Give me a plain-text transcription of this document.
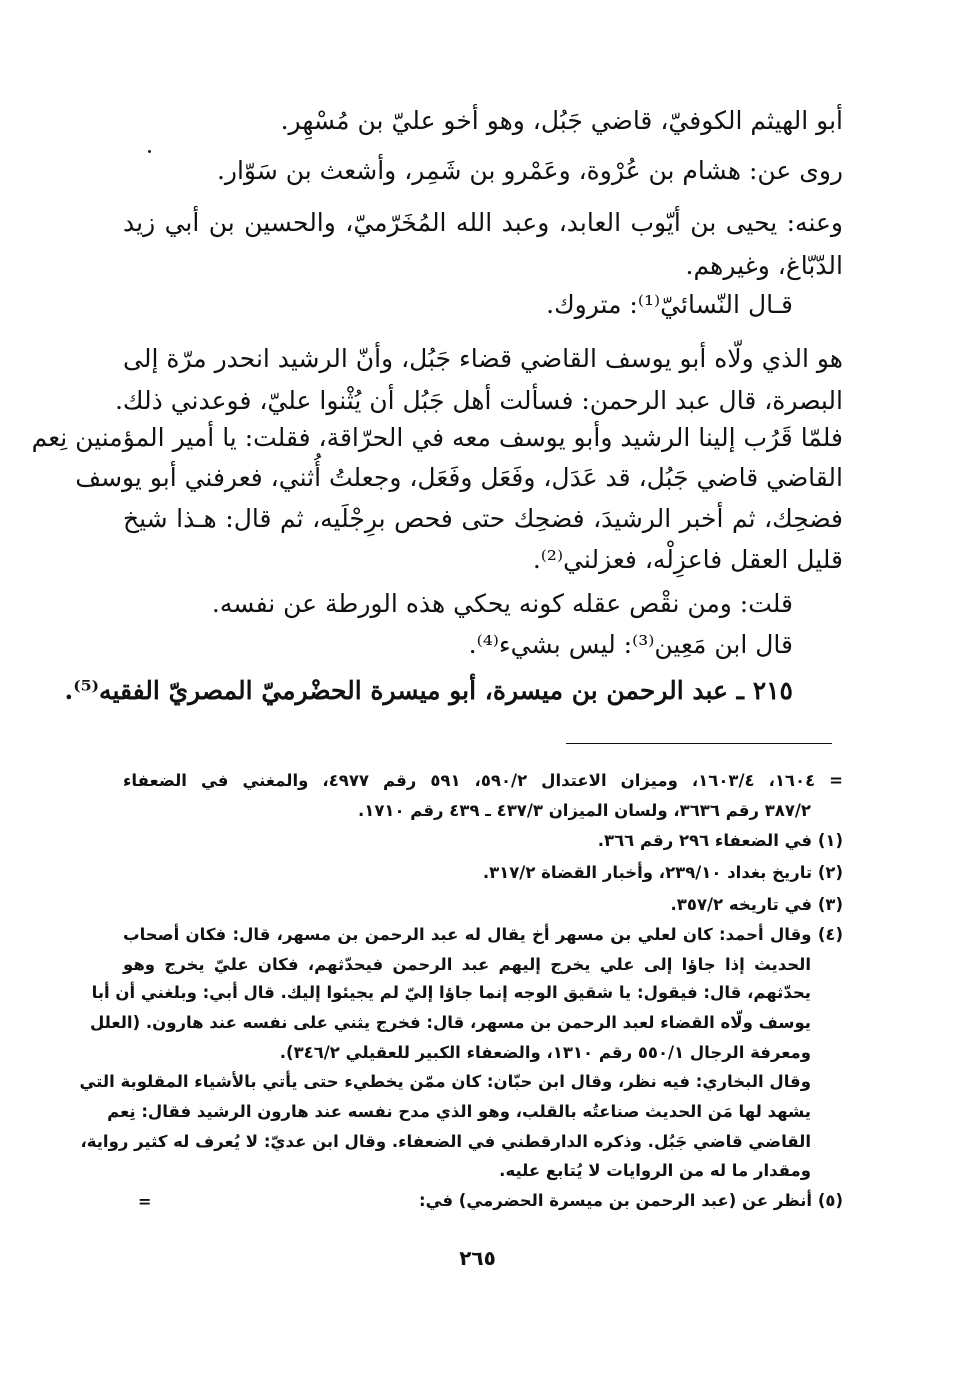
أبو الهيثم الكوفيّ، قاضي جَبُل، وهو أخو عليّ بن مُسْهِر.
روى عن: هشام بن عُرْوة، وعَمْرو بن شَمِر، وأشعث بن سَوّار.
وعنه: يحيى بن أيّوب العابد، وعبد الله المُخَرّميّ، والحسين بن أبي زيد
الدّبّاغ، وغيرهم.
قـال النّسائيّ⁽¹⁾: متروك.
هو الذي ولّاه أبو يوسف القاضي قضاء جَبُل، وأنّ الرشيد انحدر مرّة إلى
البصرة، قال عبد الرحمن: فسألت أهل جَبُل أن يُثْنوا عليّ، فوعدني ذلك.
فلمّا قَرُب إلينا الرشيد وأبو يوسف معه في الحرّاقة، فقلت: يا أمير المؤمنين نِعم
القاضي قاضي جَبُل، قد عَدَل، وفَعَل وفَعَل، وجعلتُ أُثني، فعرفني أبو يوسف
فضحِك، ثم أخبر الرشيدَ، فضحِك حتى فحص برِجْلَيه، ثم قال: هـذا شيخ
قليل العقل فاعزِلْه، فعزلني⁽²⁾.
قلت: ومن نقْص عقله كونه يحكي هذه الورطة عن نفسه.
قال ابن مَعِين⁽³⁾: ليس بشيء⁽⁴⁾.
٢١٥ ـ عبد الرحمن بن ميسرة، أبو ميسرة الحضْرميّ المصريّ الفقيه⁽⁵⁾.
= ١٦٠٤، ١٦٠٣/٤، وميزان الاعتدال ٥٩٠/٢، ٥٩١ رقم ٤٩٧٧، والمغني في الضعفاء
٣٨٧/٢ رقم ٣٦٣٦، ولسان الميزان ٤٣٧/٣ ـ ٤٣٩ رقم ١٧١٠.
(١) في الضعفاء ٢٩٦ رقم ٣٦٦.
(٢) تاريخ بغداد ٢٣٩/١٠، وأخبار القضاة ٣١٧/٢.
(٣) في تاريخه ٣٥٧/٢.
(٤) وقال أحمد: كان لعلي بن مسهر أخ يقال له عبد الرحمن بن مسهر، قال: فكان أصحاب
الحديث إذا جاؤا إلى علي يخرج إليهم عبد الرحمن فيحدّثهم، فكان عليّ يخرج وهو
يحدّثهم، قال: فيقول: يا شقيق الوجه إنما جاؤا إليّ لم يجيئوا إليك. قال أبي: وبلغني أن أبا
يوسف ولّاه القضاء لعبد الرحمن بن مسهر، قال: فخرج يثني على نفسه عند هارون. (العلل
ومعرفة الرجال ٥٥٠/١ رقم ١٣١٠، والضعفاء الكبير للعقيلي ٣٤٦/٢).
وقال البخاري: فيه نظر، وقال ابن حبّان: كان ممّن يخطيء حتى يأتي بالأشياء المقلوبة التي
يشهد لها مَن الحديث صناعتُه بالقلب، وهو الذي مدح نفسه عند هارون الرشيد فقال: نِعم
القاضي قاضي جَبُل. وذكره الدارقطني في الضعفاء. وقال ابن عديّ: لا يُعرف له كثير رواية،
ومقدار ما له من الروايات لا يُتابع عليه.
(٥) أنظر عن (عبد الرحمن بن ميسرة الحضرمي) في:
=
٢٦٥
